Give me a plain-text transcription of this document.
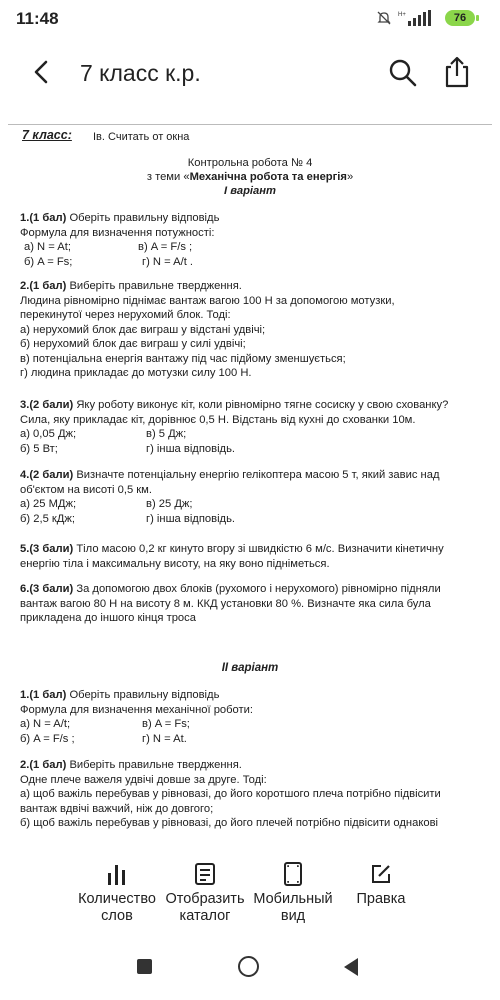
11:48	H+	76
7 класс к.р.
7 класс: Ів. Считать от окна
Контрольна робота № 4
з теми «Механічна робота та енергія»
І варіант
1.(1 бал) Оберіть правильну відповідь
Формула для визначення потужності:
а) N = At;	в) A = F/s ;
б) A = Fs;	г) N = A/t .
2.(1 бал) Виберіть правильне твердження.
Людина рівномірно піднімає вантаж вагою 100 Н за допомогою мотузки,
перекинутої через нерухомий блок. Тоді:
а) нерухомий блок дає виграш у відстані удвічі;
б) нерухомий блок дає виграш у силі удвічі;
в) потенціальна енергія вантажу під час підйому зменшується;
г) людина прикладає до мотузки силу 100 Н.
3.(2 бали) Яку роботу виконує кіт, коли рівномірно тягне сосиску у свою схованку?
Сила, яку прикладає кіт, дорівнює 0,5 Н. Відстань від кухні до схованки 10м.
а) 0,05 Дж;	в) 5 Дж;
б) 5 Вт;	г) інша відповідь.
4.(2 бали) Визначте потенціальну енергію гелікоптера масою 5 т, який завис над
об'єктом на висоті 0,5 км.
а) 25 МДж;	в) 25 Дж;
б) 2,5 кДж;	г) інша відповідь.
5.(3 бали) Тіло масою 0,2 кг кинуто вгору зі швидкістю 6 м/с. Визначити кінетичну
енергію тіла і максимальну висоту, на яку воно підніметься.
6.(3 бали) За допомогою двох блоків (рухомого і нерухомого) рівномірно підняли
вантаж вагою 80 Н на висоту 8 м. ККД установки 80 %. Визначте яка сила була
прикладена до іншого кінця троса
ІІ варіант
1.(1 бал) Оберіть правильну відповідь
Формула для визначення механічної роботи:
а) N = A/t;	в) A = Fs;
б) A = F/s ;	г) N = At.
2.(1 бал) Виберіть правильне твердження.
Одне плече важеля удвічі довше за друге. Тоді:
а) щоб важіль перебував у рівновазі, до його коротшого плеча потрібно підвісити
вантаж вдвічі важчий, ніж до довгого;
б) щоб важіль перебував у рівновазі, до його плечей потрібно підвісити однакові
Количество
слов
Отобразить
каталог
Мобильный
вид
Правка
